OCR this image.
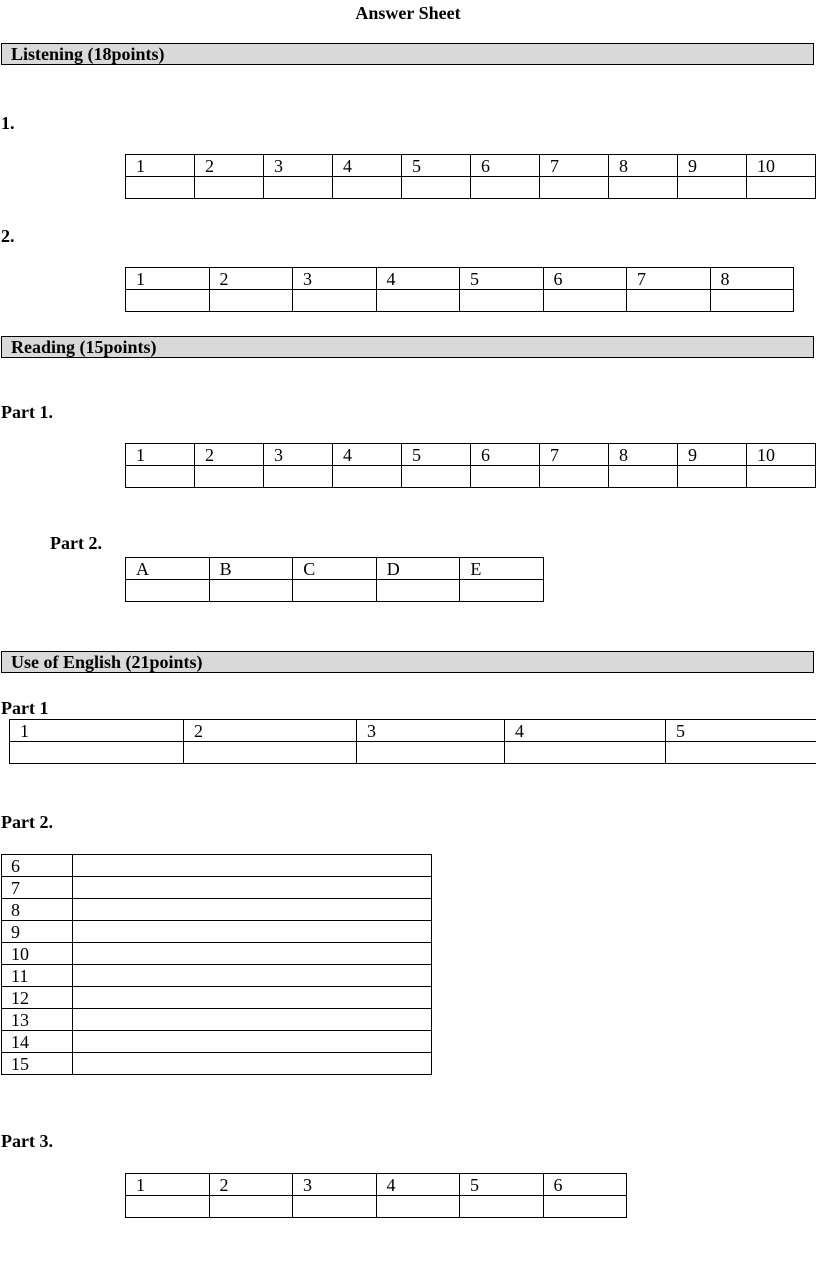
Answer Sheet
Listening (18points)
1.
1	2	3	4	5	6	7	8	9	10

2.
1	2	3	4	5	6	7	8

Reading (15points)
Part 1.
1	2	3	4	5	6	7	8	9	10

Part 2.
A	B	C	D	E

Use of English (21points)
Part 1
1	2	3	4	5

Part 2.
6	
7	
8	
9	
10	
11	
12	
13	
14	
15	
Part 3.
1	2	3	4	5	6
